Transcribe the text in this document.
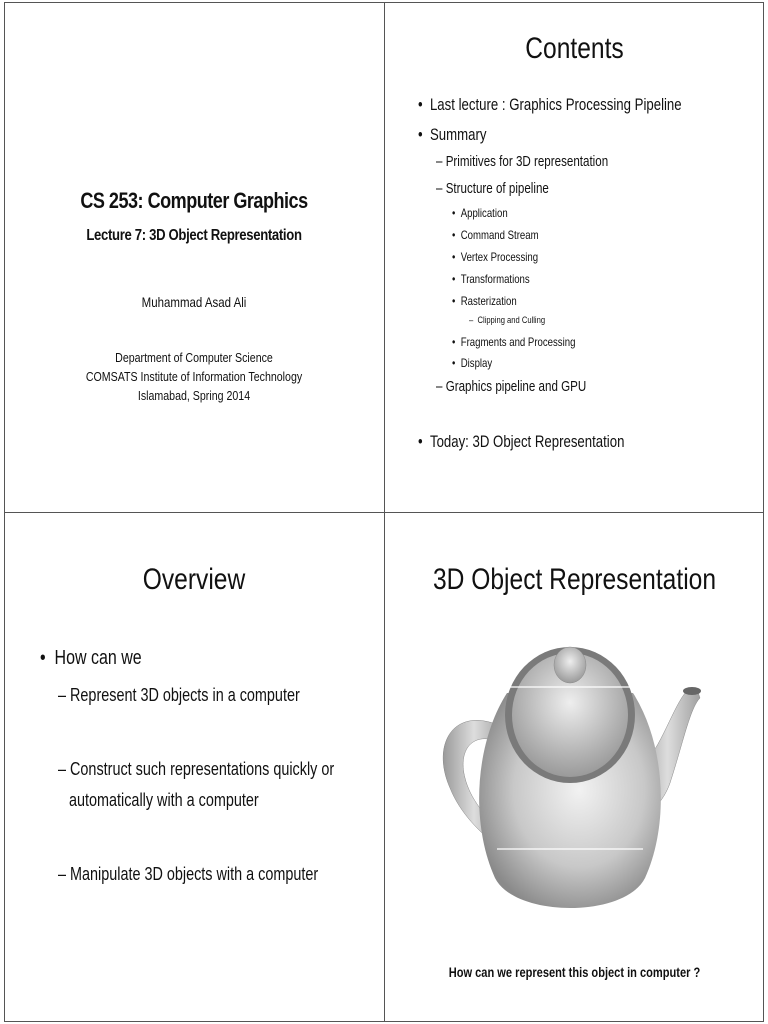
CS 253: Computer Graphics
Lecture 7: 3D Object Representation
Muhammad Asad Ali
Department of Computer Science
COMSATS Institute of Information Technology
Islamabad, Spring 2014
Contents
• Last lecture : Graphics Processing Pipeline
• Summary
– Primitives for 3D representation
– Structure of pipeline
• Application
• Command Stream
• Vertex Processing
• Transformations
• Rasterization
– Clipping and Culling
• Fragments and Processing
• Display
– Graphics pipeline and GPU
• Today: 3D Object Representation
Overview
• How can we
– Represent 3D objects in a computer
– Construct such representations quickly or
automatically with a computer
– Manipulate 3D objects with a computer
3D Object Representation
How can we represent this object in computer ?
